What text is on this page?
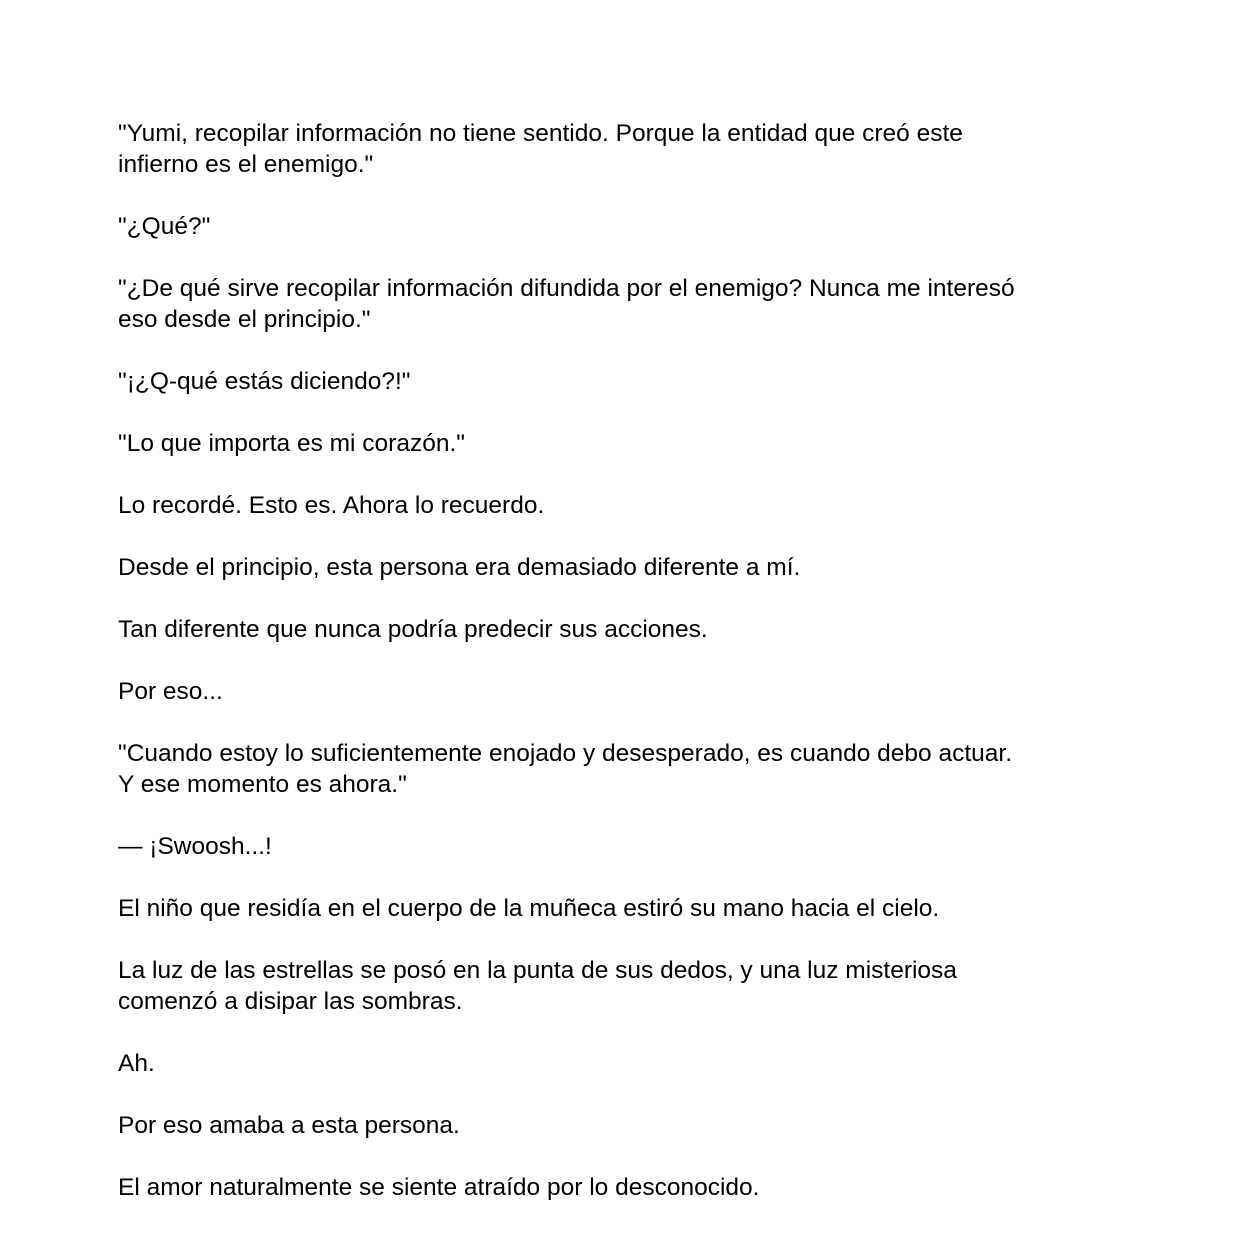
"Yumi, recopilar información no tiene sentido. Porque la entidad que creó este
infierno es el enemigo."

"¿Qué?"

"¿De qué sirve recopilar información difundida por el enemigo? Nunca me interesó
eso desde el principio."

"¡¿Q-qué estás diciendo?!"

"Lo que importa es mi corazón."

Lo recordé. Esto es. Ahora lo recuerdo.

Desde el principio, esta persona era demasiado diferente a mí.

Tan diferente que nunca podría predecir sus acciones.

Por eso...

"Cuando estoy lo suficientemente enojado y desesperado, es cuando debo actuar.
Y ese momento es ahora."

— ¡Swoosh...!

El niño que residía en el cuerpo de la muñeca estiró su mano hacia el cielo.

La luz de las estrellas se posó en la punta de sus dedos, y una luz misteriosa
comenzó a disipar las sombras.

Ah.

Por eso amaba a esta persona.

El amor naturalmente se siente atraído por lo desconocido.
